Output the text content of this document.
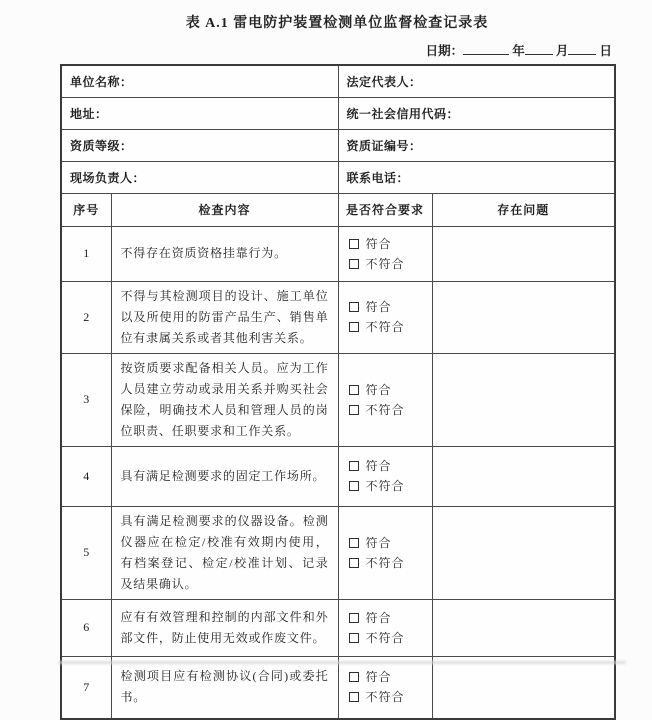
表 A.1 雷电防护装置检测单位监督检查记录表
日期：	年 月 日
单位名称：		法定代表人：	
地址：		统一社会信用代码：	
资质等级：		资质证编号：	
现场负责人：		联系电话：	
序号	检查内容	是否符合要求	存在问题
1	不得存在资质资格挂靠行为。	符合
不符合	

2	不得与其检测项目的设计、施工单位以及所使用的防雷产品生产、销售单位有隶属关系或者其他利害关系。	符合
不符合	

3	按资质要求配备相关人员。应为工作人员建立劳动或录用关系并购买社会保险，明确技术人员和管理人员的岗位职责、任职要求和工作关系。	符合
不符合	

4	具有满足检测要求的固定工作场所。	符合
不符合	

5	具有满足检测要求的仪器设备。检测仪器应在检定/校准有效期内使用，有档案登记、检定/校准计划、记录及结果确认。	符合
不符合	

6	应有有效管理和控制的内部文件和外部文件，防止使用无效或作废文件。	符合
不符合	

7	检测项目应有检测协议(合同)或委托书。	符合
不符合	
